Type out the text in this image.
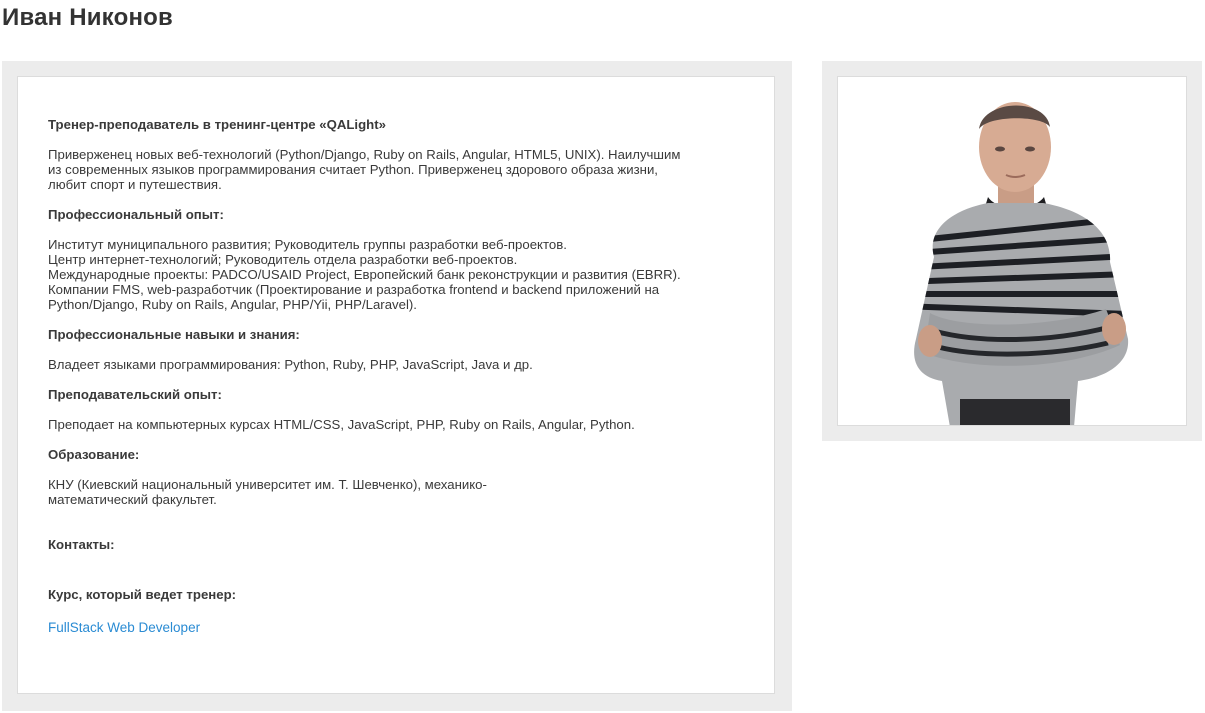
Иван Никонов

Тренер-преподаватель в тренинг-центре «QALight»

Приверженец новых веб-технологий (Python/Django, Ruby on Rails, Angular, HTML5, UNIX). Наилучшим

из современных языков программирования считает Python. Приверженец здорового образа жизни,

любит спорт и путешествия.

Профессиональный опыт:

Институт муниципального развития; Руководитель группы разработки веб-проектов.

Центр интернет-технологий; Руководитель отдела разработки веб-проектов.

Международные проекты: PADCO/USAID Project, Европейский банк реконструкции и развития (EBRR).

Компании FMS, web-разработчик (Проектирование и разработка frontend и backend приложений на

Python/Django, Ruby on Rails, Angular, PHP/Yii, PHP/Laravel).

Профессиональные навыки и знания:

Владеет языками программирования: Python, Ruby, PHP, JavaScript, Java и др.

Преподавательский опыт:

Преподает на компьютерных курсах HTML/CSS, JavaScript, PHP, Ruby on Rails, Angular, Python.

Образование:

КНУ (Киевский национальный университет им. Т. Шевченко), механико-

математический факультет.

Контакты:

Курс, который ведет тренер:

FullStack Web Developer
